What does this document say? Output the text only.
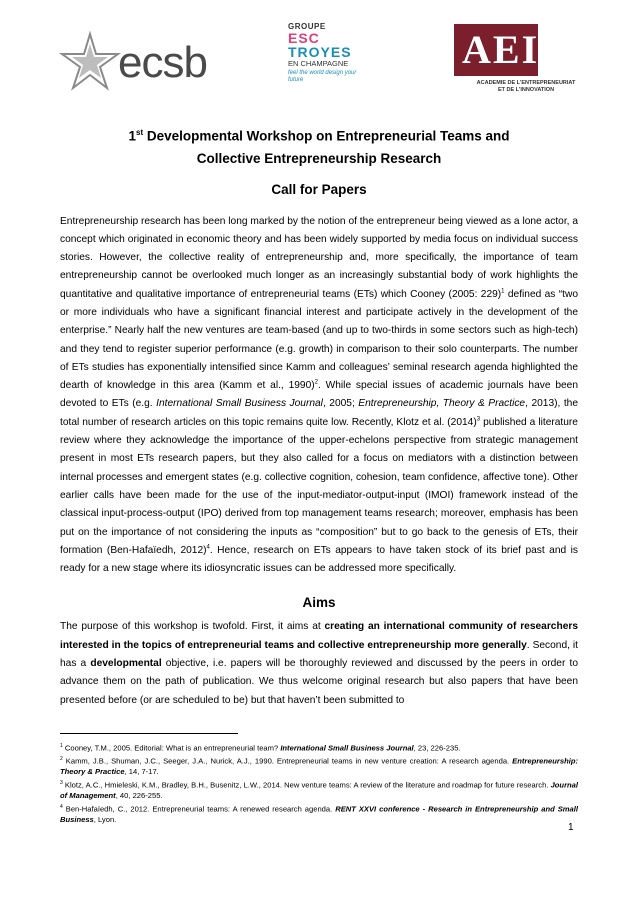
ecsb
GROUPE
ESC
TROYES
EN CHAMPAGNE
feel the world design your future
AEI
ACADEMIE DE L'ENTREPRENEURIAT
ET DE L'INNOVATION

1st Developmental Workshop on Entrepreneurial Teams and
Collective Entrepreneurship Research

Call for Papers

Entrepreneurship research has been long marked by the notion of the entrepreneur being viewed as a lone actor, a concept which originated in economic theory and has been widely supported by media focus on individual success stories. However, the collective reality of entrepreneurship and, more specifically, the importance of team entrepreneurship cannot be overlooked much longer as an increasingly substantial body of work highlights the quantitative and qualitative importance of entrepreneurial teams (ETs) which Cooney (2005: 229)$^1$ defined as “two or more individuals who have a significant financial interest and participate actively in the development of the enterprise.” Nearly half the new ventures are team-based (and up to two-thirds in some sectors such as high-tech) and they tend to register superior performance (e.g. growth) in comparison to their solo counterparts. The number of ETs studies has exponentially intensified since Kamm and colleagues’ seminal research agenda highlighted the dearth of knowledge in this area (Kamm et al., 1990)$^2$. While special issues of academic journals have been devoted to ETs (e.g. International Small Business Journal, 2005; Entrepreneurship, Theory & Practice, 2013), the total number of research articles on this topic remains quite low. Recently, Klotz et al. $(2014)^3$ published a literature review where they acknowledge the importance of the upper-echelons perspective from strategic management present in most ETs research papers, but they also called for a focus on mediators with a distinction between internal processes and emergent states (e.g. collective cognition, cohesion, team confidence, affective tone). Other earlier calls have been made for the use of the input-mediator-output-input (IMOI) framework instead of the classical input-process-output (IPO) derived from top management teams research; moreover, emphasis has been put on the importance of not considering the inputs as “composition” but to go back to the genesis of ETs, their formation (Ben-Hafaïedh, 2012)$^4$. Hence, research on ETs appears to have taken stock of its brief past and is ready for a new stage where its idiosyncratic issues can be addressed more specifically.

Aims

The purpose of this workshop is twofold. First, it aims at creating an international community of researchers interested in the topics of entrepreneurial teams and collective entrepreneurship more generally. Second, it has a developmental objective, i.e. papers will be thoroughly reviewed and discussed by the peers in order to advance them on the path of publication. We thus welcome original research but also papers that have been presented before (or are scheduled to be) but that haven’t been submitted to

$^1$ Cooney, T.M., 2005. Editorial: What is an entrepreneurial team? International Small Business Journal, 23, 226-235.

$^2$ Kamm, J.B., Shuman, J.C., Seeger, J.A., Nurick, A.J., 1990. Entrepreneurial teams in new venture creation: A research agenda. Entrepreneurship: Theory & Practice, 14, 7-17.

$^3$ Klotz, A.C., Hmieleski, K.M., Bradley, B.H., Busenitz, L.W., 2014. New venture teams: A review of the literature and roadmap for future research. Journal of Management, 40, 226-255.

$^4$ Ben-Hafaïedh, C., 2012. Entrepreneurial teams: A renewed research agenda. RENT XXVI conference - Research in Entrepreneurship and Small Business, Lyon.

1
